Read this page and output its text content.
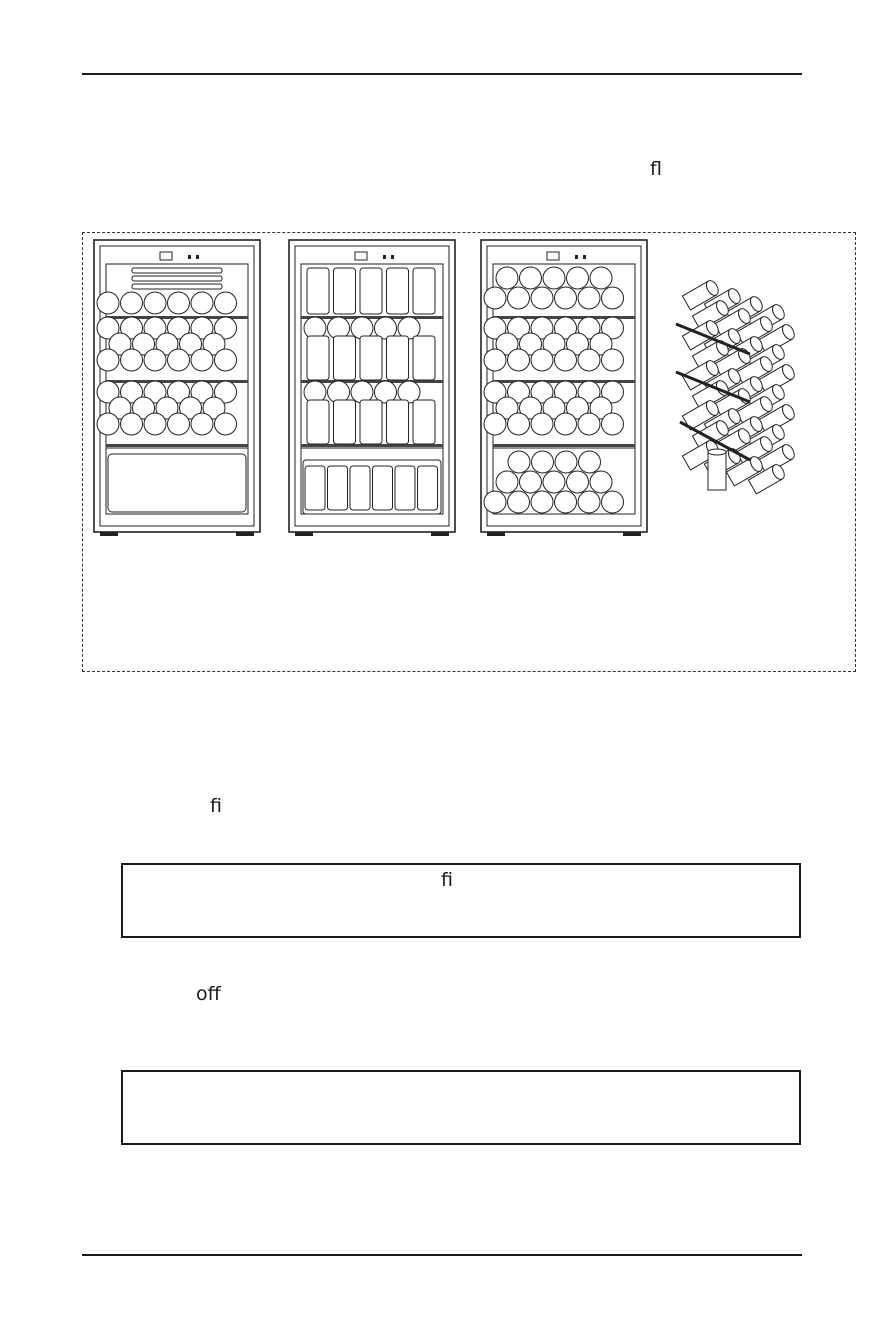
fl
fi
fi
off
